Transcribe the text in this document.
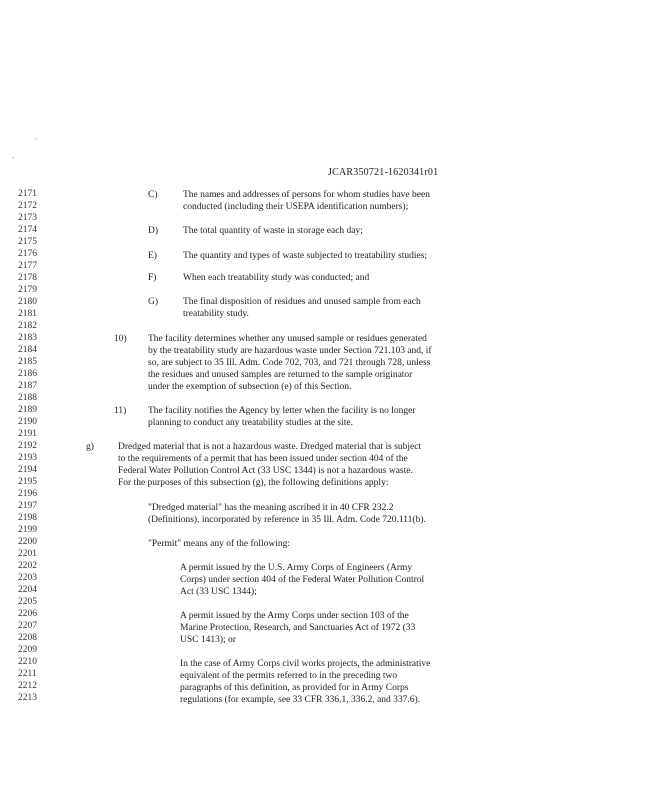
·
`
JCAR350721-1620341r01
2171
2172
2173
2174
2175
2176
2177
2178
2179
2180
2181
2182
2183
2184
2185
2186
2187
2188
2189
2190
2191
2192
2193
2194
2195
2196
2197
2198
2199
2200
2201
2202
2203
2204
2205
2206
2207
2208
2209
2210
2211
2212
2213
C)	The names and addresses of persons for whom studies have been
conducted (including their USEPA identification numbers);
D)	The total quantity of waste in storage each day;
E)	The quantity and types of waste subjected to treatability studies;
F)	When each treatability study was conducted; and
G)	The final disposition of residues and unused sample from each
treatability study.
10) The facility determines whether any unused sample or residues generated
by the treatability study are hazardous waste under Section 721.103 and, if
so, are subject to 35 Ill. Adm. Code 702, 703, and 721 through 728, unless
the residues and unused samples are returned to the sample originator
under the exemption of subsection (e) of this Section.
11) The facility notifies the Agency by letter when the facility is no longer
planning to conduct any treatability studies at the site.
g)	Dredged material that is not a hazardous waste. Dredged material that is subject
to the requirements of a permit that has been issued under section 404 of the
Federal Water Pollution Control Act (33 USC 1344) is not a hazardous waste.
For the purposes of this subsection (g), the following definitions apply:
"Dredged material" has the meaning ascribed it in 40 CFR 232.2
(Definitions), incorporated by reference in 35 Ill. Adm. Code 720.111(b).
"Permit" means any of the following:
A permit issued by the U.S. Army Corps of Engineers (Army
Corps) under section 404 of the Federal Water Pollution Control
Act (33 USC 1344);
A permit issued by the Army Corps under section 103 of the
Marine Protection, Research, and Sanctuaries Act of 1972 (33
USC 1413); or
In the case of Army Corps civil works projects, the administrative
equivalent of the permits referred to in the preceding two
paragraphs of this definition, as provided for in Army Corps
regulations (for example, see 33 CFR 336.1, 336.2, and 337.6).
